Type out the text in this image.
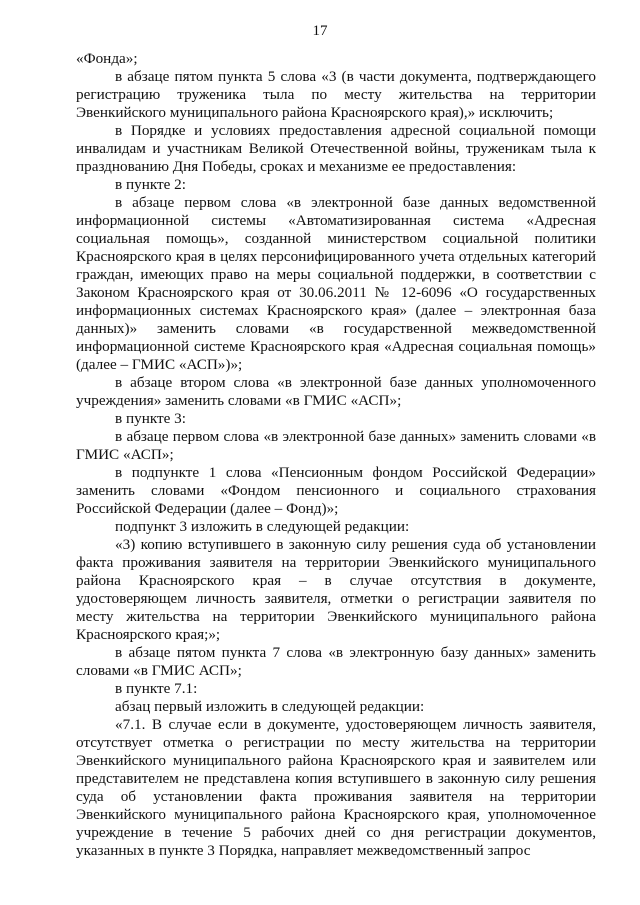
17

«Фонда»;

в абзаце пятом пункта 5 слова «3 (в части документа, подтверждающего регистрацию труженика тыла по месту жительства на территории Эвенкийского муниципального района Красноярского края),» исключить;

в Порядке и условиях предоставления адресной социальной помощи инвалидам и участникам Великой Отечественной войны, труженикам тыла к празднованию Дня Победы, сроках и механизме ее предоставления:

в пункте 2:

в абзаце первом слова «в электронной базе данных ведомственной информационной системы «Автоматизированная система «Адресная социальная помощь», созданной министерством социальной политики Красноярского края в целях персонифицированного учета отдельных категорий граждан, имеющих право на меры социальной поддержки, в соответствии с Законом Красноярского края от 30.06.2011 № 12-6096 «О государственных информационных системах Красноярского края» (далее – электронная база данных)» заменить словами «в государственной межведомственной информационной системе Красноярского края «Адресная социальная помощь» (далее – ГМИС «АСП»)»;

в абзаце втором слова «в электронной базе данных уполномоченного учреждения» заменить словами «в ГМИС «АСП»;

в пункте 3:

в абзаце первом слова «в электронной базе данных» заменить словами «в ГМИС «АСП»;

в подпункте 1 слова «Пенсионным фондом Российской Федерации» заменить словами «Фондом пенсионного и социального страхования Российской Федерации (далее – Фонд)»;

подпункт 3 изложить в следующей редакции:

«3) копию вступившего в законную силу решения суда об установлении факта проживания заявителя на территории Эвенкийского муниципального района Красноярского края – в случае отсутствия в документе, удостоверяющем личность заявителя, отметки о регистрации заявителя по месту жительства на территории Эвенкийского муниципального района Красноярского края;»;

в абзаце пятом пункта 7 слова «в электронную базу данных» заменить словами «в ГМИС АСП»;

в пункте 7.1:

абзац первый изложить в следующей редакции:

«7.1. В случае если в документе, удостоверяющем личность заявителя, отсутствует отметка о регистрации по месту жительства на территории Эвенкийского муниципального района Красноярского края и заявителем или представителем не представлена копия вступившего в законную силу решения суда об установлении факта проживания заявителя на территории Эвенкийского муниципального района Красноярского края, уполномоченное учреждение в течение 5 рабочих дней со дня регистрации документов, указанных в пункте 3 Порядка, направляет межведомственный запрос
